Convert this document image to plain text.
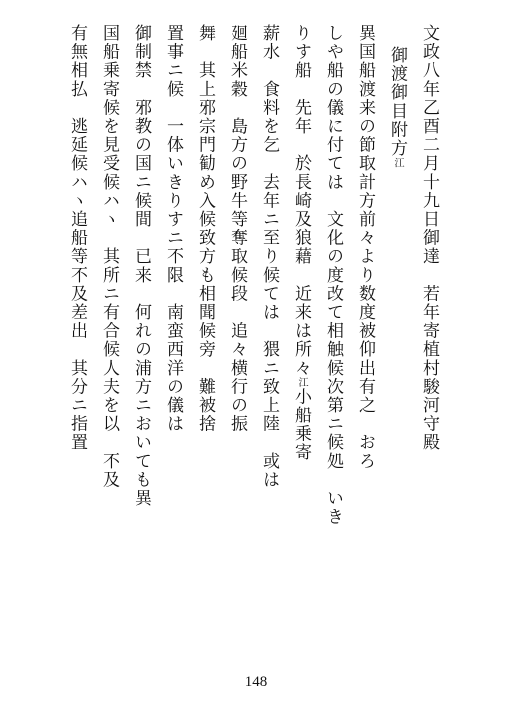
文政八年乙酉二月十九日御達　若年寄植村駿河守殿

御渡御目附方江

異国船渡来の節取計方前々より数度被仰出有之　おろ

しや船の儀に付ては　文化の度改て相触候次第ニ候処　いき

りす船　先年　於長崎及狼藉　近来は所々江小船乗寄

薪水　食料を乞　去年ニ至り候ては　猥ニ致上陸　或は

廻船米穀　島方の野牛等奪取候段　追々横行の振

舞　其上邪宗門勧め入候致方も相聞候旁　難被捨

置事ニ候　一体いきりすニ不限　南蛮西洋の儀は

御制禁　邪教の国ニ候間　已来　何れの浦方ニおいても異

国船乗寄候を見受候ハヽ　其所ニ有合候人夫を以　不及

有無相払　逃延候ハヽ追船等不及差出　其分ニ指置

148
